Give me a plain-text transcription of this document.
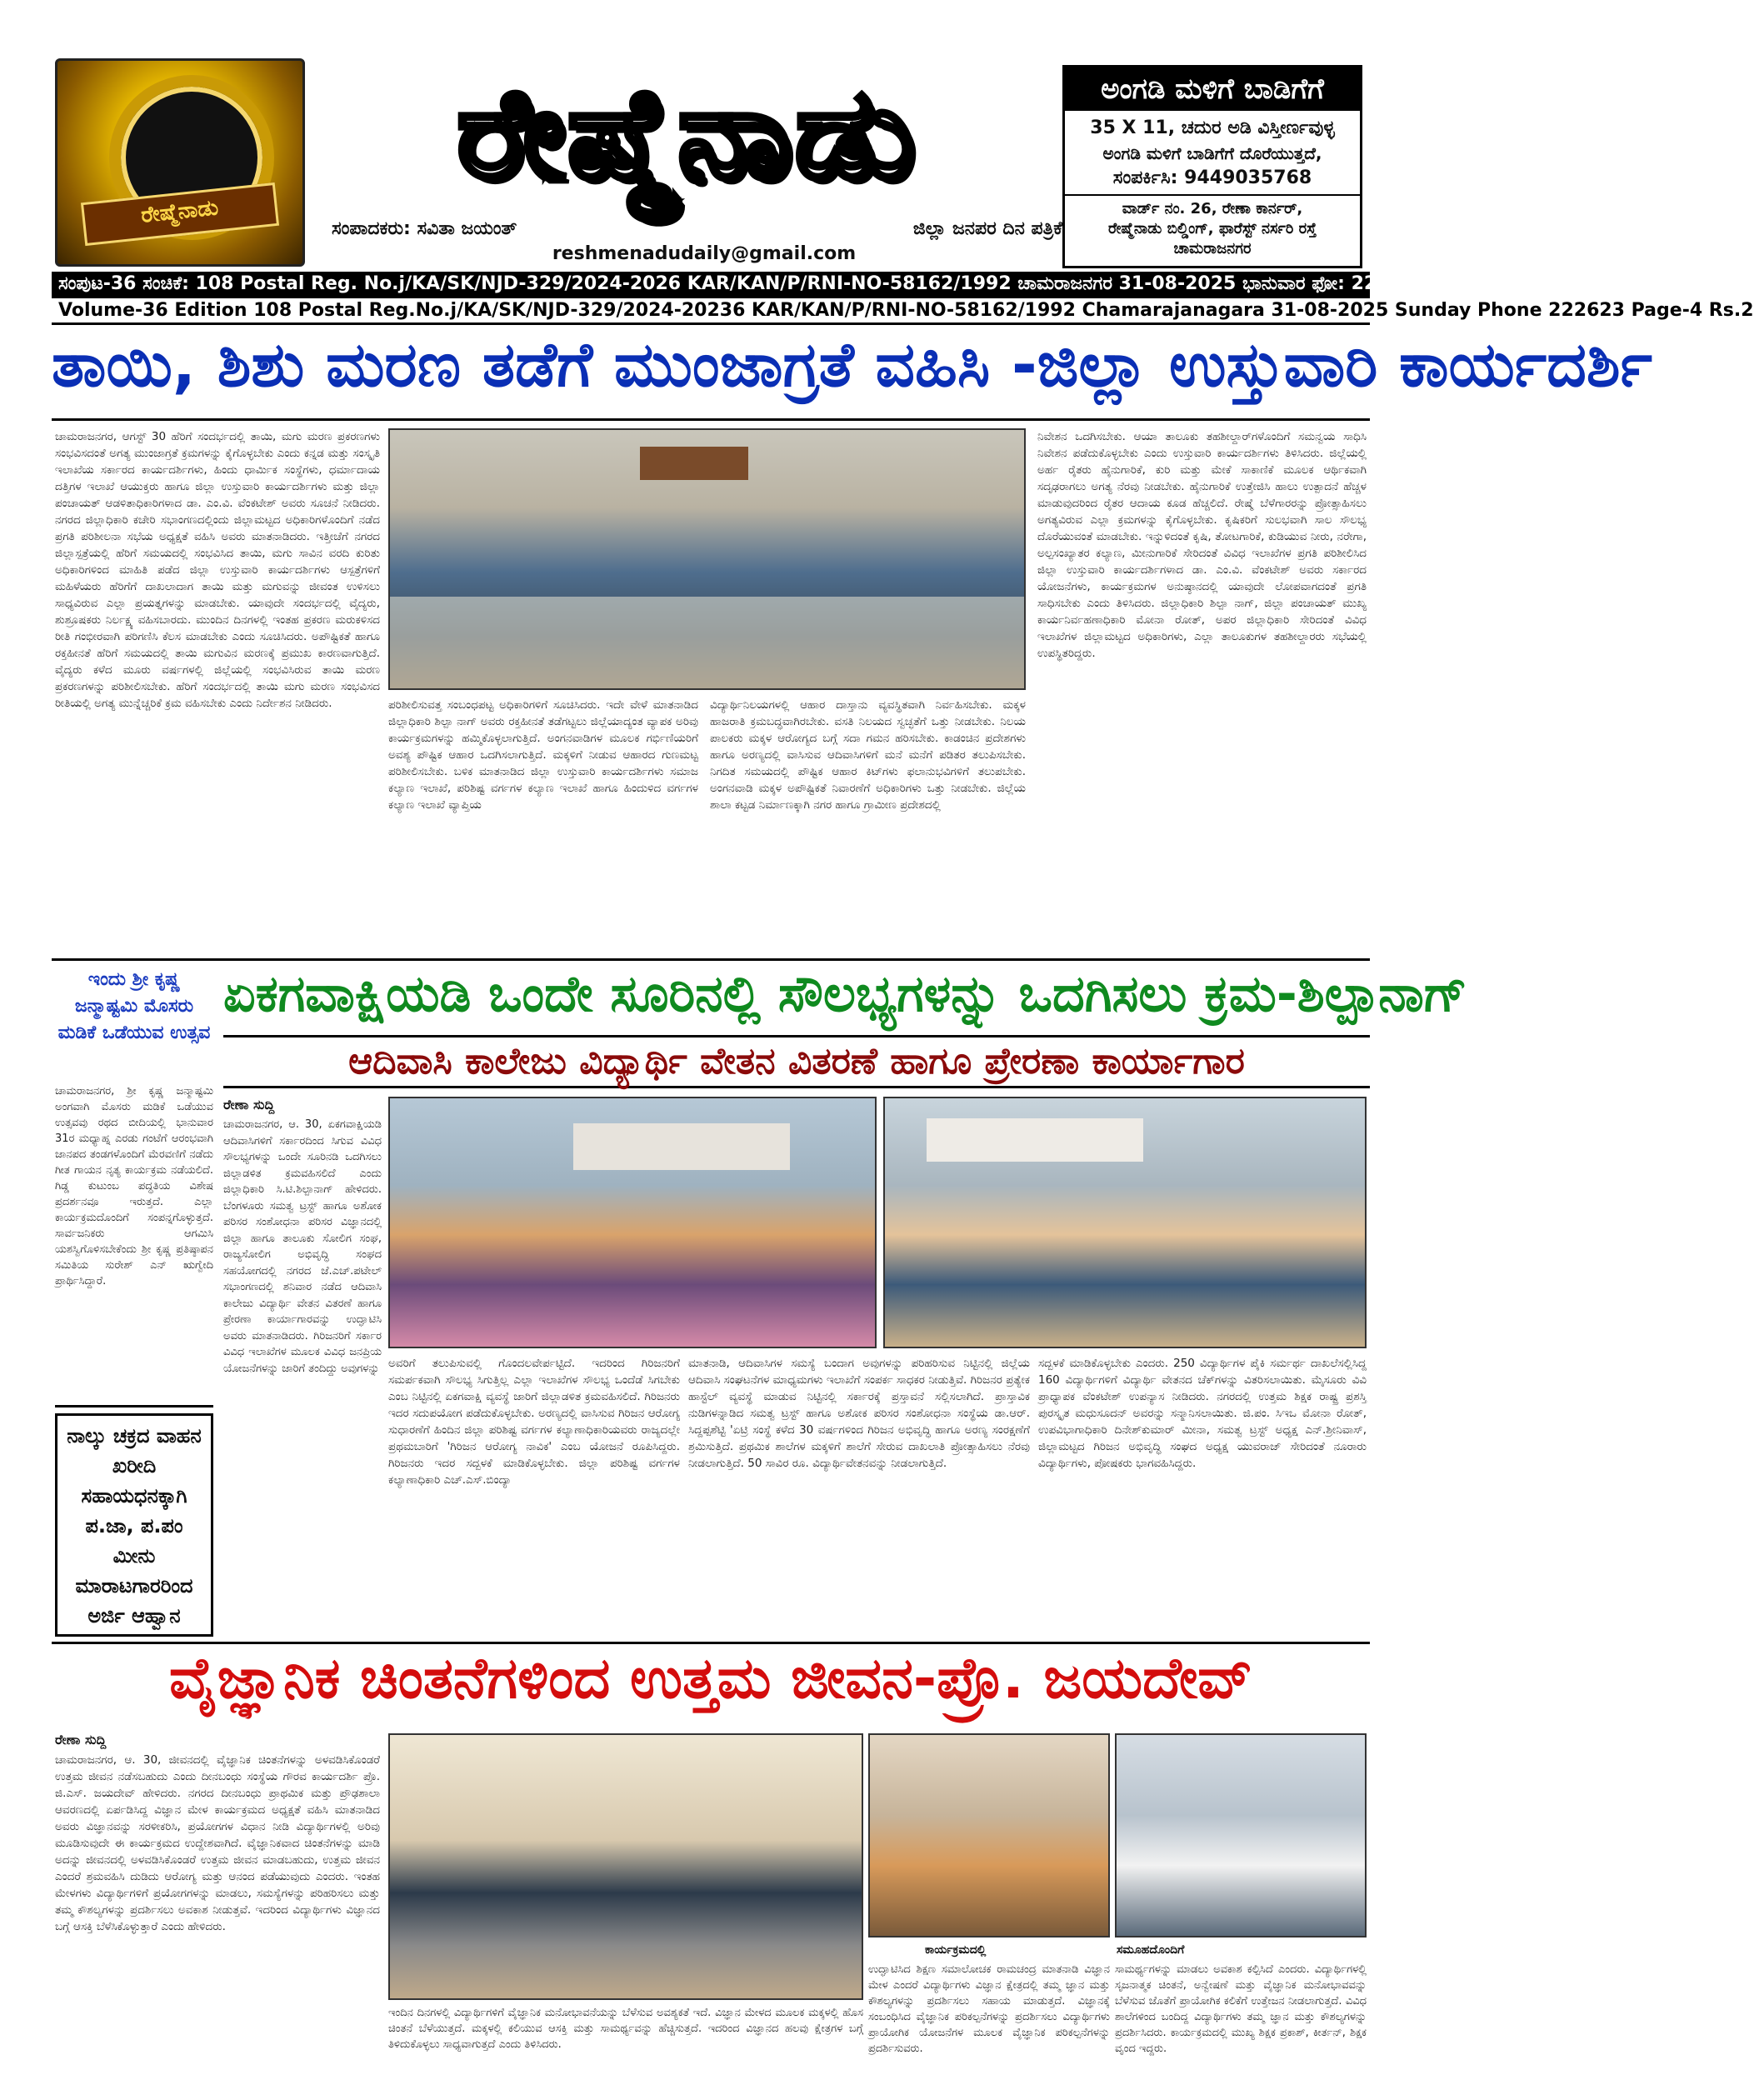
ರೇಷ್ಮೆನಾಡು
ರೇಷ್ಮೆನಾಡು
ಸಂಪಾದಕರು: ಸವಿತಾ ಜಯಂತ್	ಜಿಲ್ಲಾ ಜನಪರ ದಿನ ಪತ್ರಿಕೆ
reshmenadudaily@gmail.com
ಅಂಗಡಿ ಮಳಿಗೆ ಬಾಡಿಗೆಗೆ
35 X 11, ಚದುರ ಅಡಿ ವಿಸ್ತೀರ್ಣವುಳ್ಳ
ಅಂಗಡಿ ಮಳಿಗೆ ಬಾಡಿಗೆಗೆ ದೊರೆಯುತ್ತದೆ,
ಸಂಪರ್ಕಿಸಿ: 9449035768
ವಾರ್ಡ್ ನಂ. 26, ರೇಣಾ ಕಾರ್ನರ್,
ರೇಷ್ಮೆನಾಡು ಬಿಲ್ಡಿಂಗ್, ಫಾರೆಸ್ಟ್ ನರ್ಸರಿ ರಸ್ತೆ
ಚಾಮರಾಜನಗರ
ಸಂಪುಟ-36 ಸಂಚಿಕೆ: 108 Postal Reg. No.j/KA/SK/NJD-329/2024-2026 KAR/KAN/P/RNI-NO-58162/1992 ಚಾಮರಾಜನಗರ 31-08-2025 ಭಾನುವಾರ ಫೋ: 222623, ಪುಟ-4 ರೂ. 2
Volume-36 Edition 108 Postal Reg.No.j/KA/SK/NJD-329/2024-20236 KAR/KAN/P/RNI-NO-58162/1992 Chamarajanagara 31-08-2025 Sunday Phone 222623 Page-4 Rs.2
ತಾಯಿ, ಶಿಶು ಮರಣ ತಡೆಗೆ ಮುಂಜಾಗ್ರತೆ ವಹಿಸಿ -ಜಿಲ್ಲಾ ಉಸ್ತುವಾರಿ ಕಾರ್ಯದರ್ಶಿ
ಚಾಮರಾಜನಗರ, ಆಗಸ್ಟ್ 30 ಹೆರಿಗೆ ಸಂದರ್ಭದಲ್ಲಿ ತಾಯಿ, ಮಗು ಮರಣ ಪ್ರಕರಣಗಳು ಸಂಭವಿಸದಂತೆ ಅಗತ್ಯ ಮುಂಜಾಗ್ರತೆ ಕ್ರಮಗಳನ್ನು ಕೈಗೊಳ್ಳಬೇಕು ಎಂದು ಕನ್ನಡ ಮತ್ತು ಸಂಸ್ಕೃತಿ ಇಲಾಖೆಯ ಸರ್ಕಾರದ ಕಾರ್ಯದರ್ಶಿಗಳು, ಹಿಂದು ಧಾರ್ಮಿಕ ಸಂಸ್ಥೆಗಳು, ಧರ್ಮಾದಾಯ ದತ್ತಿಗಳ ಇಲಾಖೆ ಆಯುಕ್ತರು ಹಾಗೂ ಜಿಲ್ಲಾ ಉಸ್ತುವಾರಿ ಕಾರ್ಯದರ್ಶಿಗಳು ಮತ್ತು ಜಿಲ್ಲಾ ಪಂಚಾಯತ್ ಆಡಳಿತಾಧಿಕಾರಿಗಳಾದ ಡಾ. ಎಂ.ವಿ. ವೆಂಕಟೇಶ್ ಅವರು ಸೂಚನೆ ನೀಡಿದರು. ನಗರದ ಜಿಲ್ಲಾಧಿಕಾರಿ ಕಚೇರಿ ಸಭಾಂಗಣದಲ್ಲಿಂದು ಜಿಲ್ಲಾಮಟ್ಟದ ಅಧಿಕಾರಿಗಳೊಂದಿಗೆ ನಡೆದ ಪ್ರಗತಿ ಪರಿಶೀಲನಾ ಸಭೆಯ ಅಧ್ಯಕ್ಷತೆ ವಹಿಸಿ ಅವರು ಮಾತನಾಡಿದರು. ಇತ್ತೀಚೆಗೆ ನಗರದ ಜಿಲ್ಲಾಸ್ಪತ್ರೆಯಲ್ಲಿ ಹೆರಿಗೆ ಸಮಯದಲ್ಲಿ ಸಂಭವಿಸಿದ ತಾಯಿ, ಮಗು ಸಾವಿನ ವರದಿ ಕುರಿತು ಅಧಿಕಾರಿಗಳಿಂದ ಮಾಹಿತಿ ಪಡೆದ ಜಿಲ್ಲಾ ಉಸ್ತುವಾರಿ ಕಾರ್ಯದರ್ಶಿಗಳು ಆಸ್ಪತ್ರೆಗಳಿಗೆ ಮಹಿಳೆಯರು ಹೆರಿಗೆಗೆ ದಾಖಲಾದಾಗ ತಾಯಿ ಮತ್ತು ಮಗುವನ್ನು ಜೀವಂತ ಉಳಿಸಲು ಸಾಧ್ಯವಿರುವ ಎಲ್ಲಾ ಪ್ರಯತ್ನಗಳನ್ನು ಮಾಡಬೇಕು. ಯಾವುದೇ ಸಂದರ್ಭದಲ್ಲಿ ವೈದ್ಯರು, ಶುಶ್ರೂಷಕರು ನಿರ್ಲಕ್ಷ್ಯ ವಹಿಸಬಾರದು. ಮುಂದಿನ ದಿನಗಳಲ್ಲಿ ಇಂತಹ ಪ್ರಕರಣ ಮರುಕಳಿಸದ ರೀತಿ ಗಂಭೀರವಾಗಿ ಪರಿಗಣಿಸಿ ಕೆಲಸ ಮಾಡಬೇಕು ಎಂದು ಸೂಚಿಸಿದರು. ಅಪೌಷ್ಟಿಕತೆ ಹಾಗೂ ರಕ್ತಹೀನತೆ ಹೆರಿಗೆ ಸಮಯದಲ್ಲಿ ತಾಯಿ ಮಗುವಿನ ಮರಣಕ್ಕೆ ಪ್ರಮುಖ ಕಾರಣವಾಗುತ್ತಿದೆ. ವೈದ್ಯರು ಕಳೆದ ಮೂರು ವರ್ಷಗಳಲ್ಲಿ ಜಿಲ್ಲೆಯಲ್ಲಿ ಸಂಭವಿಸಿರುವ ತಾಯಿ ಮರಣ ಪ್ರಕರಣಗಳನ್ನು ಪರಿಶೀಲಿಸಬೇಕು. ಹೆರಿಗೆ ಸಂದರ್ಭದಲ್ಲಿ ತಾಯಿ ಮಗು ಮರಣ ಸಂಭವಿಸದ ರೀತಿಯಲ್ಲಿ ಅಗತ್ಯ ಮುನ್ನೆಚ್ಚರಿಕೆ ಕ್ರಮ ವಹಿಸಬೇಕು ಎಂದು ನಿರ್ದೇಶನ ನೀಡಿದರು.	ಪರಿಶೀಲಿಸುವತ್ತ ಸಂಬಂಧಪಟ್ಟ ಅಧಿಕಾರಿಗಳಿಗೆ ಸೂಚಿಸಿದರು. ಇದೇ ವೇಳೆ ಮಾತನಾಡಿದ ಜಿಲ್ಲಾಧಿಕಾರಿ ಶಿಲ್ಪಾ ನಾಗ್ ಅವರು ರಕ್ತಹೀನತೆ ತಡೆಗಟ್ಟಲು ಜಿಲ್ಲೆಯಾದ್ಯಂತ ವ್ಯಾಪಕ ಅರಿವು ಕಾರ್ಯಕ್ರಮಗಳನ್ನು ಹಮ್ಮಿಕೊಳ್ಳಲಾಗುತ್ತಿದೆ. ಅಂಗನವಾಡಿಗಳ ಮೂಲಕ ಗರ್ಭಿಣಿಯರಿಗೆ ಅವಶ್ಯ ಪೌಷ್ಟಿಕ ಆಹಾರ ಒದಗಿಸಲಾಗುತ್ತಿದೆ. ಮಕ್ಕಳಿಗೆ ನೀಡುವ ಆಹಾರದ ಗುಣಮಟ್ಟ ಪರಿಶೀಲಿಸಬೇಕು. ಬಳಿಕ ಮಾತನಾಡಿದ ಜಿಲ್ಲಾ ಉಸ್ತುವಾರಿ ಕಾರ್ಯದರ್ಶಿಗಳು ಸಮಾಜ ಕಲ್ಯಾಣ ಇಲಾಖೆ, ಪರಿಶಿಷ್ಟ ವರ್ಗಗಳ ಕಲ್ಯಾಣ ಇಲಾಖೆ ಹಾಗೂ ಹಿಂದುಳಿದ ವರ್ಗಗಳ ಕಲ್ಯಾಣ ಇಲಾಖೆ ವ್ಯಾಪ್ತಿಯ
ವಿದ್ಯಾರ್ಥಿನಿಲಯಗಳಲ್ಲಿ ಆಹಾರ ದಾಸ್ತಾನು ವ್ಯವಸ್ಥಿತವಾಗಿ ನಿರ್ವಹಿಸಬೇಕು. ಮಕ್ಕಳ ಹಾಜರಾತಿ ಕ್ರಮಬದ್ಧವಾಗಿರಬೇಕು. ವಸತಿ ನಿಲಯದ ಸ್ವಚ್ಛತೆಗೆ ಒತ್ತು ನೀಡಬೇಕು. ನಿಲಯ ಪಾಲಕರು ಮಕ್ಕಳ ಆರೋಗ್ಯದ ಬಗ್ಗೆ ಸದಾ ಗಮನ ಹರಿಸಬೇಕು. ಕಾಡಂಚಿನ ಪ್ರದೇಶಗಳು ಹಾಗೂ ಅರಣ್ಯದಲ್ಲಿ ವಾಸಿಸುವ ಆದಿವಾಸಿಗಳಿಗೆ ಮನೆ ಮನೆಗೆ ಪಡಿತರ ತಲುಪಿಸಬೇಕು. ನಿಗದಿತ ಸಮಯದಲ್ಲಿ ಪೌಷ್ಟಿಕ ಆಹಾರ ಕಿಟ್‌ಗಳು ಫಲಾನುಭವಿಗಳಿಗೆ ತಲುಪಬೇಕು. ಅಂಗನವಾಡಿ ಮಕ್ಕಳ ಅಪೌಷ್ಟಿಕತೆ ನಿವಾರಣೆಗೆ ಅಧಿಕಾರಿಗಳು ಒತ್ತು ನೀಡಬೇಕು. ಜಿಲ್ಲೆಯ ಶಾಲಾ ಕಟ್ಟಡ ನಿರ್ಮಾಣಕ್ಕಾಗಿ ನಗರ ಹಾಗೂ ಗ್ರಾಮೀಣ ಪ್ರದೇಶದಲ್ಲಿ
ನಿವೇಶನ ಒದಗಿಸಬೇಕು. ಆಯಾ ತಾಲೂಕು ತಹಶೀಲ್ದಾರ್‌ಗಳೊಂದಿಗೆ ಸಮನ್ವಯ ಸಾಧಿಸಿ ನಿವೇಶನ ಪಡೆದುಕೊಳ್ಳಬೇಕು ಎಂದು ಉಸ್ತುವಾರಿ ಕಾರ್ಯದರ್ಶಿಗಳು ತಿಳಿಸಿದರು. ಜಿಲ್ಲೆಯಲ್ಲಿ ಅರ್ಹ ರೈತರು ಹೈನುಗಾರಿಕೆ, ಕುರಿ ಮತ್ತು ಮೇಕೆ ಸಾಕಾಣಿಕೆ ಮೂಲಕ ಆರ್ಥಿಕವಾಗಿ ಸದೃಢರಾಗಲು ಅಗತ್ಯ ನೆರವು ನೀಡಬೇಕು. ಹೈನುಗಾರಿಕೆ ಉತ್ತೇಜಿಸಿ ಹಾಲು ಉತ್ಪಾದನೆ ಹೆಚ್ಚಳ ಮಾಡುವುದರಿಂದ ರೈತರ ಆದಾಯ ಕೂಡ ಹೆಚ್ಚಲಿದೆ. ರೇಷ್ಮೆ ಬೆಳೆಗಾರರನ್ನು ಪ್ರೋತ್ಸಾಹಿಸಲು ಅಗತ್ಯವಿರುವ ಎಲ್ಲಾ ಕ್ರಮಗಳನ್ನು ಕೈಗೊಳ್ಳಬೇಕು. ಕೃಷಿಕರಿಗೆ ಸುಲಭವಾಗಿ ಸಾಲ ಸೌಲಭ್ಯ ದೊರೆಯುವಂತೆ ಮಾಡಬೇಕು. ಇನ್ನುಳಿದಂತೆ ಕೃಷಿ, ತೋಟಗಾರಿಕೆ, ಕುಡಿಯುವ ನೀರು, ನರೇಗಾ, ಅಲ್ಪಸಂಖ್ಯಾತರ ಕಲ್ಯಾಣ, ಮೀನುಗಾರಿಕೆ ಸೇರಿದಂತೆ ವಿವಿಧ ಇಲಾಖೆಗಳ ಪ್ರಗತಿ ಪರಿಶೀಲಿಸಿದ ಜಿಲ್ಲಾ ಉಸ್ತುವಾರಿ ಕಾರ್ಯದರ್ಶಿಗಳಾದ ಡಾ. ಎಂ.ವಿ. ವೆಂಕಟೇಶ್ ಅವರು ಸರ್ಕಾರದ ಯೋಜನೆಗಳು, ಕಾರ್ಯಕ್ರಮಗಳ ಅನುಷ್ಠಾನದಲ್ಲಿ ಯಾವುದೇ ಲೋಪವಾಗದಂತೆ ಪ್ರಗತಿ ಸಾಧಿಸಬೇಕು ಎಂದು ತಿಳಿಸಿದರು. ಜಿಲ್ಲಾಧಿಕಾರಿ ಶಿಲ್ಪಾ ನಾಗ್, ಜಿಲ್ಲಾ ಪಂಚಾಯತ್ ಮುಖ್ಯ ಕಾರ್ಯನಿರ್ವಹಣಾಧಿಕಾರಿ ಮೋನಾ ರೋತ್, ಅಪರ ಜಿಲ್ಲಾಧಿಕಾರಿ ಸೇರಿದಂತೆ ವಿವಿಧ ಇಲಾಖೆಗಳ ಜಿಲ್ಲಾಮಟ್ಟದ ಅಧಿಕಾರಿಗಳು, ಎಲ್ಲಾ ತಾಲೂಕುಗಳ ತಹಶೀಲ್ದಾರರು ಸಭೆಯಲ್ಲಿ ಉಪಸ್ಥಿತರಿದ್ದರು.
ಇಂದು ಶ್ರೀ ಕೃಷ್ಣ ಜನ್ಮಾಷ್ಟಮಿ ಮೊಸರು ಮಡಿಕೆ ಒಡೆಯುವ ಉತ್ಸವ
ಚಾಮರಾಜನಗರ, ಶ್ರೀ ಕೃಷ್ಣ ಜನ್ಮಾಷ್ಟಮಿ ಅಂಗವಾಗಿ ಮೊಸರು ಮಡಿಕೆ ಒಡೆಯುವ ಉತ್ಸವವು ರಥದ ಬೀದಿಯಲ್ಲಿ ಭಾನುವಾರ 31ರ ಮಧ್ಯಾಹ್ನ ಎರಡು ಗಂಟೆಗೆ ಆರಂಭವಾಗಿ ಜಾನಪದ ತಂಡಗಳೊಂದಿಗೆ ಮೆರವಣಿಗೆ ನಡೆದು ಗೀತ ಗಾಯನ ನೃತ್ಯ ಕಾರ್ಯಕ್ರಮ ನಡೆಯಲಿದೆ. ಗಿಡ್ಡ ಕುಟುಂಬ ಪದ್ಧತಿಯ ವಿಶೇಷ ಪ್ರದರ್ಶನವೂ ಇರುತ್ತದೆ. ಎಲ್ಲಾ ಕಾರ್ಯಕ್ರಮದೊಂದಿಗೆ ಸಂಪನ್ನಗೊಳ್ಳುತ್ತದೆ. ಸಾರ್ವಜನಿಕರು ಆಗಮಿಸಿ ಯಶಸ್ವಿಗೊಳಿಸಬೇಕೆಂದು ಶ್ರೀ ಕೃಷ್ಣ ಪ್ರತಿಷ್ಠಾಪನ ಸಮಿತಿಯ ಸುರೇಶ್ ಎನ್ ಋಗ್ವೇದಿ ಪ್ರಾರ್ಥಿಸಿದ್ದಾರೆ.
ನಾಲ್ಕು ಚಕ್ರದ ವಾಹನ ಖರೀದಿ ಸಹಾಯಧನಕ್ಕಾಗಿ ಪ.ಜಾ, ಪ.ಪಂ ಮೀನು ಮಾರಾಟಗಾರರಿಂದ ಅರ್ಜಿ ಆಹ್ವಾನ
ಏಕಗವಾಕ್ಷಿಯಡಿ ಒಂದೇ ಸೂರಿನಲ್ಲಿ ಸೌಲಭ್ಯಗಳನ್ನು ಒದಗಿಸಲು ಕ್ರಮ-ಶಿಲ್ಪಾನಾಗ್
ಆದಿವಾಸಿ ಕಾಲೇಜು ವಿದ್ಯಾರ್ಥಿ ವೇತನ ವಿತರಣೆ ಹಾಗೂ ಪ್ರೇರಣಾ ಕಾರ್ಯಾಗಾರ
ರೇಣಾ ಸುದ್ದಿ
ಚಾಮರಾಜನಗರ, ಆ. 30, ಏಕಗವಾಕ್ಷಿಯಡಿ ಆದಿವಾಸಿಗಳಿಗೆ ಸರ್ಕಾರದಿಂದ ಸಿಗುವ ವಿವಿಧ ಸೌಲಭ್ಯಗಳನ್ನು ಒಂದೇ ಸೂರಿನಡಿ ಒದಗಿಸಲು ಜಿಲ್ಲಾಡಳಿತ ಕ್ರಮವಹಿಸಲಿದೆ ಎಂದು ಜಿಲ್ಲಾಧಿಕಾರಿ ಸಿ.ಟಿ.ಶಿಲ್ಪಾನಾಗ್ ಹೇಳಿದರು. ಬೆಂಗಳೂರು ಸಮತ್ವ ಟ್ರಸ್ಟ್ ಹಾಗೂ ಅಶೋಕ ಪರಿಸರ ಸಂಶೋಧನಾ ಪರಿಸರ ವಿಜ್ಞಾನದಲ್ಲಿ ಜಿಲ್ಲಾ ಹಾಗೂ ತಾಲೂಕು ಸೋಲಿಗ ಸಂಘ, ರಾಜ್ಯಸೋಲಿಗ ಅಭಿವೃದ್ಧಿ ಸಂಘದ ಸಹಯೋಗದಲ್ಲಿ ನಗರದ ಜೆ.ಎಚ್.ಪಟೇಲ್ ಸಭಾಂಗಣದಲ್ಲಿ ಶನಿವಾರ ನಡೆದ ಆದಿವಾಸಿ ಕಾಲೇಜು ವಿದ್ಯಾರ್ಥಿ ವೇತನ ವಿತರಣೆ ಹಾಗೂ ಪ್ರೇರಣಾ ಕಾರ್ಯಾಗಾರವನ್ನು ಉದ್ಘಾಟಿಸಿ ಅವರು ಮಾತನಾಡಿದರು. ಗಿರಿಜನರಿಗೆ ಸರ್ಕಾರ ವಿವಿಧ ಇಲಾಖೆಗಳ ಮೂಲಕ ವಿವಿಧ ಜನಪ್ರಿಯ ಯೋಜನೆಗಳನ್ನು ಜಾರಿಗೆ ತಂದಿದ್ದು ಅವುಗಳನ್ನು ಅವರಿಗೆ ತಲುಪಿಸುವಲ್ಲಿ ಗೊಂದಲವೇರ್ಪಟ್ಟಿದೆ. ಇದರಿಂದ ಗಿರಿಜನರಿಗೆ ಸಮರ್ಪಕವಾಗಿ ಸೌಲಭ್ಯ ಸಿಗುತ್ತಿಲ್ಲ ಎಲ್ಲಾ ಇಲಾಖೆಗಳ ಸೌಲಭ್ಯ ಒಂದೆಡೆ ಸಿಗಬೇಕು ಎಂಬ ನಿಟ್ಟಿನಲ್ಲಿ ಏಕಗವಾಕ್ಷಿ ವ್ಯವಸ್ಥೆ ಜಾರಿಗೆ ಜಿಲ್ಲಾಡಳಿತ ಕ್ರಮವಹಿಸಲಿದೆ. ಗಿರಿಜನರು ಇದರ ಸದುಪಯೋಗ ಪಡೆದುಕೊಳ್ಳಬೇಕು. ಅರಣ್ಯದಲ್ಲಿ ವಾಸಿಸುವ ಗಿರಿಜನ ಆರೋಗ್ಯ ಸುಧಾರಣೆಗೆ ಹಿಂದಿನ ಜಿಲ್ಲಾ ಪರಿಶಿಷ್ಟ ವರ್ಗಗಳ ಕಲ್ಯಾಣಾಧಿಕಾರಿಯವರು ರಾಜ್ಯದಲ್ಲೇ ಪ್ರಥಮಬಾರಿಗೆ 'ಗಿರಿಜನ ಆರೋಗ್ಯ ನಾವಿಕ' ಎಂಬ ಯೋಜನೆ ರೂಪಿಸಿದ್ದರು. ಗಿರಿಜನರು ಇದರ ಸದ್ಬಳಕೆ ಮಾಡಿಕೊಳ್ಳಬೇಕು. ಜಿಲ್ಲಾ ಪರಿಶಿಷ್ಟ ವರ್ಗಗಳ ಕಲ್ಯಾಣಾಧಿಕಾರಿ ಎಚ್.ಎಸ್.ಬಿಂದ್ಯಾ
ಮಾತನಾಡಿ, ಆದಿವಾಸಿಗಳ ಸಮಸ್ಯೆ ಬಂದಾಗ ಅವುಗಳನ್ನು ಪರಿಹರಿಸುವ ನಿಟ್ಟಿನಲ್ಲಿ ಜಿಲ್ಲೆಯ ಆದಿವಾಸಿ ಸಂಘಟನೆಗಳ ಮಾಧ್ಯಮಗಳು ಇಲಾಖೆಗೆ ಸಂಪರ್ಕ ಸಾಧಕರ ನೀಡುತ್ತಿವೆ. ಗಿರಿಜನರ ಪ್ರತ್ಯೇಕ ಹಾಸ್ಟೆಲ್ ವ್ಯವಸ್ಥೆ ಮಾಡುವ ನಿಟ್ಟಿನಲ್ಲಿ ಸರ್ಕಾರಕ್ಕೆ ಪ್ರಸ್ತಾವನೆ ಸಲ್ಲಿಸಲಾಗಿದೆ. ಪ್ರಾಸ್ತಾವಿಕ ನುಡಿಗಳನ್ನಾಡಿದ ಸಮತ್ವ ಟ್ರಸ್ಟ್ ಹಾಗೂ ಅಶೋಕ ಪರಿಸರ ಸಂಶೋಧನಾ ಸಂಸ್ಥೆಯ ಡಾ.ಆರ್. ಸಿದ್ದಪ್ಪಶೆಟ್ಟಿ 'ಏಟ್ರಿ ಸಂಸ್ಥೆ ಕಳೆದ 30 ವರ್ಷಗಳಿಂದ ಗಿರಿಜನ ಅಭಿವೃದ್ಧಿ ಹಾಗೂ ಅರಣ್ಯ ಸಂರಕ್ಷಣೆಗೆ ಶ್ರಮಿಸುತ್ತಿದೆ. ಪ್ರಥಮಿಕ ಶಾಲೆಗಳ ಮಕ್ಕಳಿಗೆ ಶಾಲೆಗೆ ಸೇರುವ ದಾಖಲಾತಿ ಪ್ರೋತ್ಸಾಹಿಸಲು ನೆರವು ನೀಡಲಾಗುತ್ತಿದೆ. 50 ಸಾವಿರ ರೂ. ವಿದ್ಯಾರ್ಥಿವೇತನವನ್ನು ನೀಡಲಾಗುತ್ತಿದೆ.
ಸದ್ಬಳಕೆ ಮಾಡಿಕೊಳ್ಳಬೇಕು ಎಂದರು. 250 ವಿದ್ಯಾರ್ಥಿಗಳ ಪೈಕಿ ಸರ್ಮರ್ಥ ದಾಖಲೆಸಲ್ಲಿಸಿದ್ದ 160 ವಿದ್ಯಾರ್ಥಿಗಳಿಗೆ ವಿದ್ಯಾರ್ಥಿ ವೇತನದ ಚೆಕ್‌ಗಳನ್ನು ವಿತರಿಸಲಾಯಿತು. ಮೈಸೂರು ವಿವಿ ಪ್ರಾಧ್ಯಾಪಕ ವೆಂಕಟೇಶ್ ಉಪನ್ಯಾಸ ನೀಡಿದರು. ನಗರದಲ್ಲಿ ಉತ್ತಮ ಶಿಕ್ಷಕ ರಾಷ್ಟ್ರ ಪ್ರಶಸ್ತಿ ಪುರಸ್ಕೃತ ಮಧುಸೂದನ್ ಅವರನ್ನು ಸನ್ಮಾನಿಸಲಾಯಿತು. ಜಿ.ಪಂ. ಸಿಇಒ ಮೋನಾ ರೋತ್, ಉಪವಿಭಾಗಾಧಿಕಾರಿ ದಿನೇಶ್‌ಕುಮಾರ್ ಮೀನಾ, ಸಮತ್ವ ಟ್ರಸ್ಟ್ ಅಧ್ಯಕ್ಷ ಎನ್.ಶ್ರೀನಿವಾಸ್, ಜಿಲ್ಲಾಮಟ್ಟದ ಗಿರಿಜನ ಅಭಿವೃದ್ಧಿ ಸಂಘದ ಅಧ್ಯಕ್ಷ ಯುವರಾಜ್ ಸೇರಿದಂತೆ ನೂರಾರು ವಿದ್ಯಾರ್ಥಿಗಳು, ಪೋಷಕರು ಭಾಗವಹಿಸಿದ್ದರು.
ವೈಜ್ಞಾನಿಕ ಚಿಂತನೆಗಳಿಂದ ಉತ್ತಮ ಜೀವನ-ಪ್ರೊ. ಜಯದೇವ್
ರೇಣಾ ಸುದ್ದಿ
ಚಾಮರಾಜನಗರ, ಆ. 30, ಜೀವನದಲ್ಲಿ ವೈಜ್ಞಾನಿಕ ಚಿಂತನೆಗಳನ್ನು ಅಳವಡಿಸಿಕೊಂಡರೆ ಉತ್ತಮ ಜೀವನ ನಡೆಸಬಹುದು ಎಂದು ದೀನಬಂಧು ಸಂಸ್ಥೆಯ ಗೌರವ ಕಾರ್ಯದರ್ಶಿ ಪ್ರೊ. ಜಿ.ಎಸ್. ಜಯದೇವ್ ಹೇಳಿದರು. ನಗರದ ದೀನಬಂಧು ಪ್ರಾಥಮಿಕ ಮತ್ತು ಪ್ರೌಢಶಾಲಾ ಆವರಣದಲ್ಲಿ ಏರ್ಪಡಿಸಿದ್ದ ವಿಜ್ಞಾನ ಮೇಳ ಕಾರ್ಯಕ್ರಮದ ಅಧ್ಯಕ್ಷತೆ ವಹಿಸಿ ಮಾತನಾಡಿದ ಅವರು ವಿಜ್ಞಾನವನ್ನು ಸರಳೀಕರಿಸಿ, ಪ್ರಯೋಗಗಳ ವಿಧಾನ ನೀಡಿ ವಿದ್ಯಾರ್ಥಿಗಳಲ್ಲಿ ಅರಿವು ಮೂಡಿಸುವುದೇ ಈ ಕಾರ್ಯಕ್ರಮದ ಉದ್ದೇಶವಾಗಿದೆ. ವೈಜ್ಞಾನಿಕವಾದ ಚಿಂತನೆಗಳನ್ನು ಮಾಡಿ ಅದನ್ನು ಜೀವನದಲ್ಲಿ ಅಳವಡಿಸಿಕೊಂಡರೆ ಉತ್ತಮ ಜೀವನ ಮಾಡಬಹುದು, ಉತ್ತಮ ಜೀವನ ಎಂದರೆ ಶ್ರಮವಹಿಸಿ ದುಡಿದು ಆರೋಗ್ಯ ಮತ್ತು ಆನಂದ ಪಡೆಯುವುದು ಎಂದರು. ಇಂತಹ ಮೇಳಗಳು ವಿದ್ಯಾರ್ಥಿಗಳಿಗೆ ಪ್ರಯೋಗಗಳನ್ನು ಮಾಡಲು, ಸಮಸ್ಯೆಗಳನ್ನು ಪರಿಹರಿಸಲು ಮತ್ತು ತಮ್ಮ ಕೌಶಲ್ಯಗಳನ್ನು ಪ್ರದರ್ಶಿಸಲು ಅವಕಾಶ ನೀಡುತ್ತವೆ. ಇದರಿಂದ ವಿದ್ಯಾರ್ಥಿಗಳು ವಿಜ್ಞಾನದ ಬಗ್ಗೆ ಆಸಕ್ತಿ ಬೆಳೆಸಿಕೊಳ್ಳುತ್ತಾರೆ ಎಂದು ಹೇಳಿದರು.
ಇಂದಿನ ದಿನಗಳಲ್ಲಿ ವಿದ್ಯಾರ್ಥಿಗಳಿಗೆ ವೈಜ್ಞಾನಿಕ ಮನೋಭಾವನೆಯನ್ನು ಬೆಳೆಸುವ ಅವಶ್ಯಕತೆ ಇದೆ. ವಿಜ್ಞಾನ ಮೇಳದ ಮೂಲಕ ಮಕ್ಕಳಲ್ಲಿ ಹೊಸ ಚಿಂತನೆ ಬೆಳೆಯುತ್ತದೆ. ಮಕ್ಕಳಲ್ಲಿ ಕಲಿಯುವ ಆಸಕ್ತಿ ಮತ್ತು ಸಾಮರ್ಥ್ಯವನ್ನು ಹೆಚ್ಚಿಸುತ್ತದೆ. ಇದರಿಂದ ವಿಜ್ಞಾನದ ಹಲವು ಕ್ಷೇತ್ರಗಳ ಬಗ್ಗೆ ತಿಳಿದುಕೊಳ್ಳಲು ಸಾಧ್ಯವಾಗುತ್ತದೆ ಎಂದು ತಿಳಿಸಿದರು.
ಕಾರ್ಯಕ್ರಮದಲ್ಲಿ
ಉದ್ಘಾಟಿಸಿದ ಶಿಕ್ಷಣ ಸಮಾಲೋಚಕ ರಾಮಚಂದ್ರ ಮಾತನಾಡಿ ವಿಜ್ಞಾನ ಮೇಳ ಎಂದರೆ ವಿದ್ಯಾರ್ಥಿಗಳು ವಿಜ್ಞಾನ ಕ್ಷೇತ್ರದಲ್ಲಿ ತಮ್ಮ ಜ್ಞಾನ ಮತ್ತು ಕೌಶಲ್ಯಗಳನ್ನು ಪ್ರದರ್ಶಿಸಲು ಸಹಾಯ ಮಾಡುತ್ತದೆ. ವಿಜ್ಞಾನಕ್ಕೆ ಸಂಬಂಧಿಸಿದ ವೈಜ್ಞಾನಿಕ ಪರಿಕಲ್ಪನೆಗಳನ್ನು ಪ್ರದರ್ಶಿಸಲು ವಿದ್ಯಾರ್ಥಿಗಳು ಪ್ರಾಯೋಗಿಕ ಯೋಜನೆಗಳ ಮೂಲಕ ವೈಜ್ಞಾನಿಕ ಪರಿಕಲ್ಪನೆಗಳನ್ನು ಪ್ರದರ್ಶಿಸುವರು.
ಸಮೂಹದೊಂದಿಗೆ
ಸಾಮರ್ಥ್ಯಗಳನ್ನು ಮಾಡಲು ಅವಕಾಶ ಕಲ್ಪಿಸಿದೆ ಎಂದರು. ವಿದ್ಯಾರ್ಥಿಗಳಲ್ಲಿ ಸೃಜನಾತ್ಮಕ ಚಿಂತನೆ, ಅನ್ವೇಷಣೆ ಮತ್ತು ವೈಜ್ಞಾನಿಕ ಮನೋಭಾವವನ್ನು ಬೆಳೆಸುವ ಜೊತೆಗೆ ಪ್ರಾಯೋಗಿಕ ಕಲಿಕೆಗೆ ಉತ್ತೇಜನ ನೀಡಲಾಗುತ್ತದೆ. ವಿವಿಧ ಶಾಲೆಗಳಿಂದ ಬಂದಿದ್ದ ವಿದ್ಯಾರ್ಥಿಗಳು ತಮ್ಮ ಜ್ಞಾನ ಮತ್ತು ಕೌಶಲ್ಯಗಳನ್ನು ಪ್ರದರ್ಶಿಸಿದರು. ಕಾರ್ಯಕ್ರಮದಲ್ಲಿ ಮುಖ್ಯ ಶಿಕ್ಷಕ ಪ್ರಕಾಶ್, ಕೀರ್ತನ್, ಶಿಕ್ಷಕ ವೃಂದ ಇದ್ದರು.
